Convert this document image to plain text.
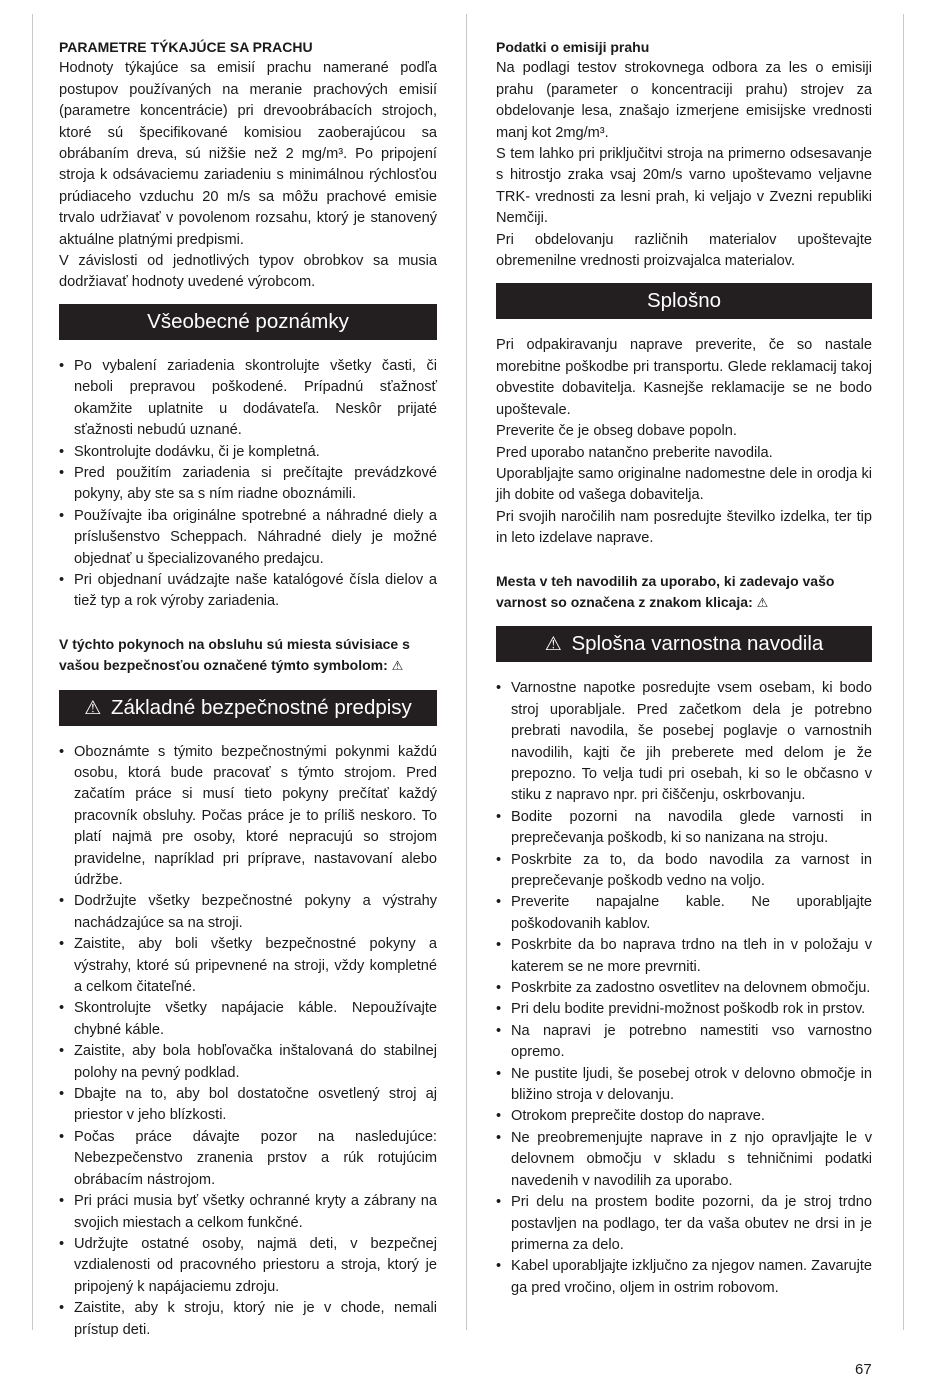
PARAMETRE TÝKAJÚCE SA PRACHU
Hodnoty týkajúce sa emisií prachu namerané podľa postupov používaných na meranie prachových emisií (parametre koncentrácie) pri drevoobrábacích strojoch, ktoré sú špecifikované komisiou zaoberajúcou sa obrábaním dreva, sú nižšie než 2 mg/m³. Po pripojení stroja k odsávaciemu zariadeniu s minimálnou rýchlosťou prúdiaceho vzduchu 20 m/s sa môžu prachové emisie trvalo udržiavať v povolenom rozsahu, ktorý je stanovený aktuálne platnými predpismi.
V závislosti od jednotlivých typov obrobkov sa musia dodržiavať hodnoty uvedené výrobcom.
Všeobecné poznámky
• Po vybalení zariadenia skontrolujte všetky časti, či neboli prepravou poškodené. Prípadnú sťažnosť okamžite uplatnite u dodávateľa. Neskôr prijaté sťažnosti nebudú uznané.
• Skontrolujte dodávku, či je kompletná.
• Pred použitím zariadenia si prečítajte prevádzkové pokyny, aby ste sa s ním riadne oboznámili.
• Používajte iba originálne spotrebné a náhradné diely a príslušenstvo Scheppach. Náhradné diely je možné objednať u špecializovaného predajcu.
• Pri objednaní uvádzajte naše katalógové čísla dielov a tiež typ a rok výroby zariadenia.
V týchto pokynoch na obsluhu sú miesta súvisiace s vašou bezpečnosťou označené týmto symbolom: ⚠
⚠ Základné bezpečnostné predpisy
• Oboznámte s týmito bezpečnostnými pokynmi každú osobu, ktorá bude pracovať s týmto strojom. Pred začatím práce si musí tieto pokyny prečítať každý pracovník obsluhy. Počas práce je to príliš neskoro. To platí najmä pre osoby, ktoré nepracujú so strojom pravidelne, napríklad pri príprave, nastavovaní alebo údržbe.
• Dodržujte všetky bezpečnostné pokyny a výstrahy nachádzajúce sa na stroji.
• Zaistite, aby boli všetky bezpečnostné pokyny a výstrahy, ktoré sú pripevnené na stroji, vždy kompletné a celkom čitateľné.
• Skontrolujte všetky napájacie káble. Nepoužívajte chybné káble.
• Zaistite, aby bola hobľovačka inštalovaná do stabilnej polohy na pevný podklad.
• Dbajte na to, aby bol dostatočne osvetlený stroj aj priestor v jeho blízkosti.
• Počas práce dávajte pozor na nasledujúce: Nebezpečenstvo zranenia prstov a rúk rotujúcim obrábacím nástrojom.
• Pri práci musia byť všetky ochranné kryty a zábrany na svojich miestach a celkom funkčné.
• Udržujte ostatné osoby, najmä deti, v bezpečnej vzdialenosti od pracovného priestoru a stroja, ktorý je pripojený k napájaciemu zdroju.
• Zaistite, aby k stroju, ktorý nie je v chode, nemali prístup deti.
Podatki o emisiji prahu
Na podlagi testov strokovnega odbora za les o emisiji prahu (parameter o koncentraciji prahu) strojev za obdelovanje lesa, znašajo izmerjene emisijske vrednosti manj kot 2mg/m³.
S tem lahko pri priključitvi stroja na primerno odsesavanje s hitrostjo zraka vsaj 20m/s varno upoštevamo veljavne TRK- vrednosti za lesni prah, ki veljajo v Zvezni republiki Nemčiji.
Pri obdelovanju različnih materialov upoštevajte obremenilne vrednosti proizvajalca materialov.
Splošno
Pri odpakiravanju naprave preverite, če so nastale morebitne poškodbe pri transportu. Glede reklamacij takoj obvestite dobavitelja. Kasnejše reklamacije se ne bodo upoštevale.
Preverite če je obseg dobave popoln.
Pred uporabo natančno preberite navodila.
Uporabljajte samo originalne nadomestne dele in orodja ki jih dobite od vašega dobavitelja.
Pri svojih naročilih nam posredujte številko izdelka, ter tip in leto izdelave naprave.
Mesta v teh navodilih za uporabo, ki zadevajo vašo varnost so označena z znakom klicaja: ⚠
⚠ Splošna varnostna navodila
• Varnostne napotke posredujte vsem osebam, ki bodo stroj uporabljale. Pred začetkom dela je potrebno prebrati navodila, še posebej poglavje o varnostnih navodilih, kajti če jih preberete med delom je že prepozno. To velja tudi pri osebah, ki so le občasno v stiku z napravo npr. pri čiščenju, oskrbovanju.
• Bodite pozorni na navodila glede varnosti in preprečevanja poškodb, ki so nanizana na stroju.
• Poskrbite za to, da bodo navodila za varnost in preprečevanje poškodb vedno na voljo.
• Preverite napajalne kable. Ne uporabljajte poškodovanih kablov.
• Poskrbite da bo naprava trdno na tleh in v položaju v katerem se ne more prevrniti.
• Poskrbite za zadostno osvetlitev na delovnem območju.
• Pri delu bodite previdni-možnost poškodb rok in prstov.
• Na napravi je potrebno namestiti vso varnostno opremo.
• Ne pustite ljudi, še posebej otrok v delovno območje in bližino stroja v delovanju.
• Otrokom preprečite dostop do naprave.
• Ne preobremenjujte naprave in z njo opravljajte le v delovnem območju v skladu s tehničnimi podatki navedenih v navodilih za uporabo.
• Pri delu na prostem bodite pozorni, da je stroj trdno postavljen na podlago, ter da vaša obutev ne drsi in je primerna za delo.
• Kabel uporabljajte izključno za njegov namen. Zavarujte ga pred vročino, oljem in ostrim robovom.
67
